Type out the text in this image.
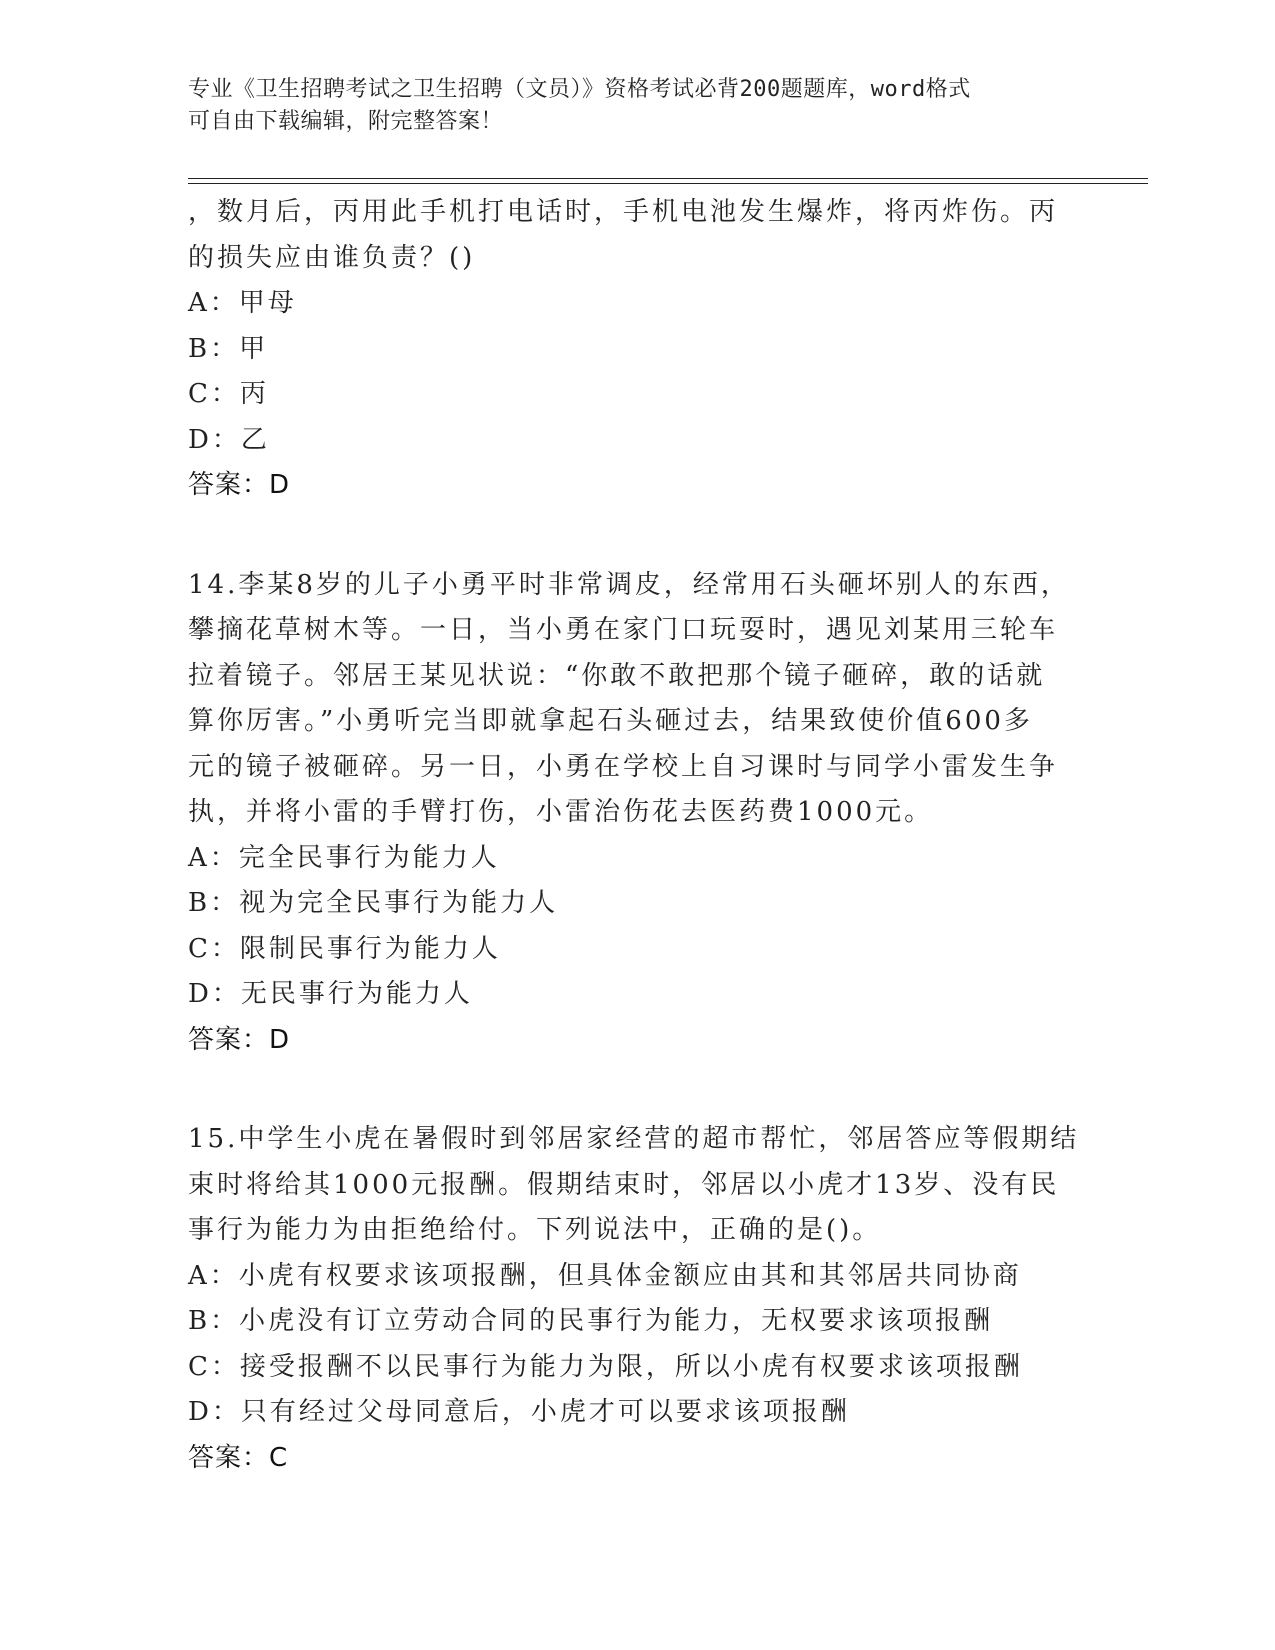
专业《卫生招聘考试之卫生招聘（文员）》资格考试必背200题题库，word格式
可自由下载编辑，附完整答案！
，数月后，丙用此手机打电话时，手机电池发生爆炸，将丙炸伤。丙
的损失应由谁负责？()
A：甲母
B：甲
C：丙
D：乙
答案：D
14.李某8岁的儿子小勇平时非常调皮，经常用石头砸坏别人的东西，
攀摘花草树木等。一日，当小勇在家门口玩耍时，遇见刘某用三轮车
拉着镜子。邻居王某见状说：“你敢不敢把那个镜子砸碎，敢的话就
算你厉害。”小勇听完当即就拿起石头砸过去，结果致使价值600多
元的镜子被砸碎。另一日，小勇在学校上自习课时与同学小雷发生争
执，并将小雷的手臂打伤，小雷治伤花去医药费1000元。
A：完全民事行为能力人
B：视为完全民事行为能力人
C：限制民事行为能力人
D：无民事行为能力人
答案：D
15.中学生小虎在暑假时到邻居家经营的超市帮忙，邻居答应等假期结
束时将给其1000元报酬。假期结束时，邻居以小虎才13岁、没有民
事行为能力为由拒绝给付。下列说法中，正确的是()。
A：小虎有权要求该项报酬，但具体金额应由其和其邻居共同协商
B：小虎没有订立劳动合同的民事行为能力，无权要求该项报酬
C：接受报酬不以民事行为能力为限，所以小虎有权要求该项报酬
D：只有经过父母同意后，小虎才可以要求该项报酬
答案：C
